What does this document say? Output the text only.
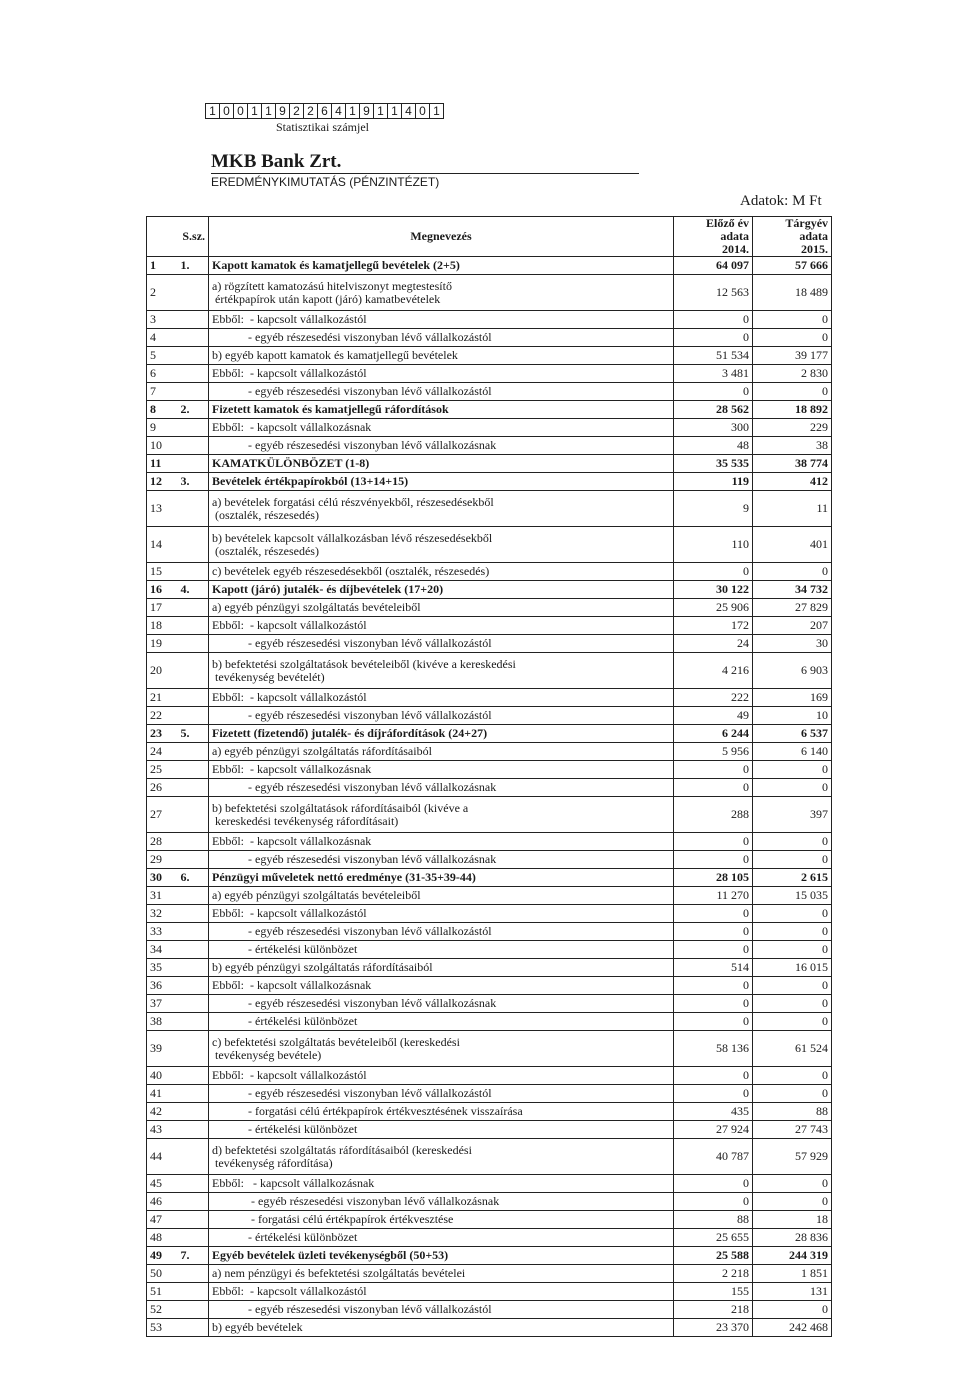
1 0 0 1 1 9 2 2 6 4 1 9 1 1 4 0 1
Statisztikai számjel
MKB Bank Zrt.
EREDMÉNYKIMUTATÁS (PÉNZINTÉZET)
Adatok: M Ft
S.sz.		Megnevezés	Előző év adata
2014.	Tárgyév adata
2015.
1	1.	Kapott kamatok és kamatjellegű bevételek (2+5)	64 097	57 666
2		a) rögzített kamatozású hitelviszonyt megtestesítő
értékpapírok után kapott (járó) kamatbevételek	12 563	18 489
3		Ebből:  - kapcsolt vállalkozástól	0	0
4		- egyéb részesedési viszonyban lévő vállalkozástól	0	0
5		b) egyéb kapott kamatok és kamatjellegű bevételek	51 534	39 177
6		Ebből:  - kapcsolt vállalkozástól	3 481	2 830
7		- egyéb részesedési viszonyban lévő vállalkozástól	0	0
8	2.	Fizetett kamatok és kamatjellegű ráfordítások	28 562	18 892
9		Ebből:  - kapcsolt vállalkozásnak	300	229
10		- egyéb részesedési viszonyban lévő vállalkozásnak	48	38
11		KAMATKÜLÖNBÖZET (1-8)	35 535	38 774
12	3.	Bevételek értékpapírokból (13+14+15)	119	412
13		a) bevételek forgatási célú részvényekből, részesedésekből
(osztalék, részesedés)	9	11
14		b) bevételek kapcsolt vállalkozásban lévő részesedésekből
(osztalék, részesedés)	110	401
15		c) bevételek egyéb részesedésekből (osztalék, részesedés)	0	0
16	4.	Kapott (járó) jutalék- és díjbevételek (17+20)	30 122	34 732
17		a) egyéb pénzügyi szolgáltatás bevételeiből	25 906	27 829
18		Ebből:  - kapcsolt vállalkozástól	172	207
19		- egyéb részesedési viszonyban lévő vállalkozástól	24	30
20		b) befektetési szolgáltatások bevételeiből (kivéve a kereskedési
tevékenység bevételét)	4 216	6 903
21		Ebből:  - kapcsolt vállalkozástól	222	169
22		- egyéb részesedési viszonyban lévő vállalkozástól	49	10
23	5.	Fizetett (fizetendő) jutalék- és díjráfordítások (24+27)	6 244	6 537
24		a) egyéb pénzügyi szolgáltatás ráfordításaiból	5 956	6 140
25		Ebből:  - kapcsolt vállalkozásnak	0	0
26		- egyéb részesedési viszonyban lévő vállalkozásnak	0	0
27		b) befektetési szolgáltatások ráfordításaiból (kivéve a
kereskedési tevékenység ráfordításait)	288	397
28		Ebből:  - kapcsolt vállalkozásnak	0	0
29		- egyéb részesedési viszonyban lévő vállalkozásnak	0	0
30	6.	Pénzügyi műveletek nettó eredménye (31-35+39-44)	28 105	2 615
31		a) egyéb pénzügyi szolgáltatás bevételeiből	11 270	15 035
32		Ebből:  - kapcsolt vállalkozástól	0	0
33		- egyéb részesedési viszonyban lévő vállalkozástól	0	0
34		- értékelési különbözet	0	0
35		b) egyéb pénzügyi szolgáltatás ráfordításaiból	514	16 015
36		Ebből:  - kapcsolt vállalkozásnak	0	0
37		- egyéb részesedési viszonyban lévő vállalkozásnak	0	0
38		- értékelési különbözet	0	0
39		c) befektetési szolgáltatás bevételeiből (kereskedési
tevékenység bevétele)	58 136	61 524
40		Ebből:  - kapcsolt vállalkozástól	0	0
41		- egyéb részesedési viszonyban lévő vállalkozástól	0	0
42		- forgatási célú értékpapírok értékvesztésének visszaírása	435	88
43		- értékelési különbözet	27 924	27 743
44		d) befektetési szolgáltatás ráfordításaiból (kereskedési
tevékenység ráfordítása)	40 787	57 929
45		Ebből:   - kapcsolt vállalkozásnak	0	0
46		- egyéb részesedési viszonyban lévő vállalkozásnak	0	0
47		- forgatási célú értékpapírok értékvesztése	88	18
48		- értékelési különbözet	25 655	28 836
49	7.	Egyéb bevételek üzleti tevékenységből (50+53)	25 588	244 319
50		a) nem pénzügyi és befektetési szolgáltatás bevételei	2 218	1 851
51		Ebből:  - kapcsolt vállalkozástól	155	131
52		- egyéb részesedési viszonyban lévő vállalkozástól	218	0
53		b) egyéb bevételek	23 370	242 468
